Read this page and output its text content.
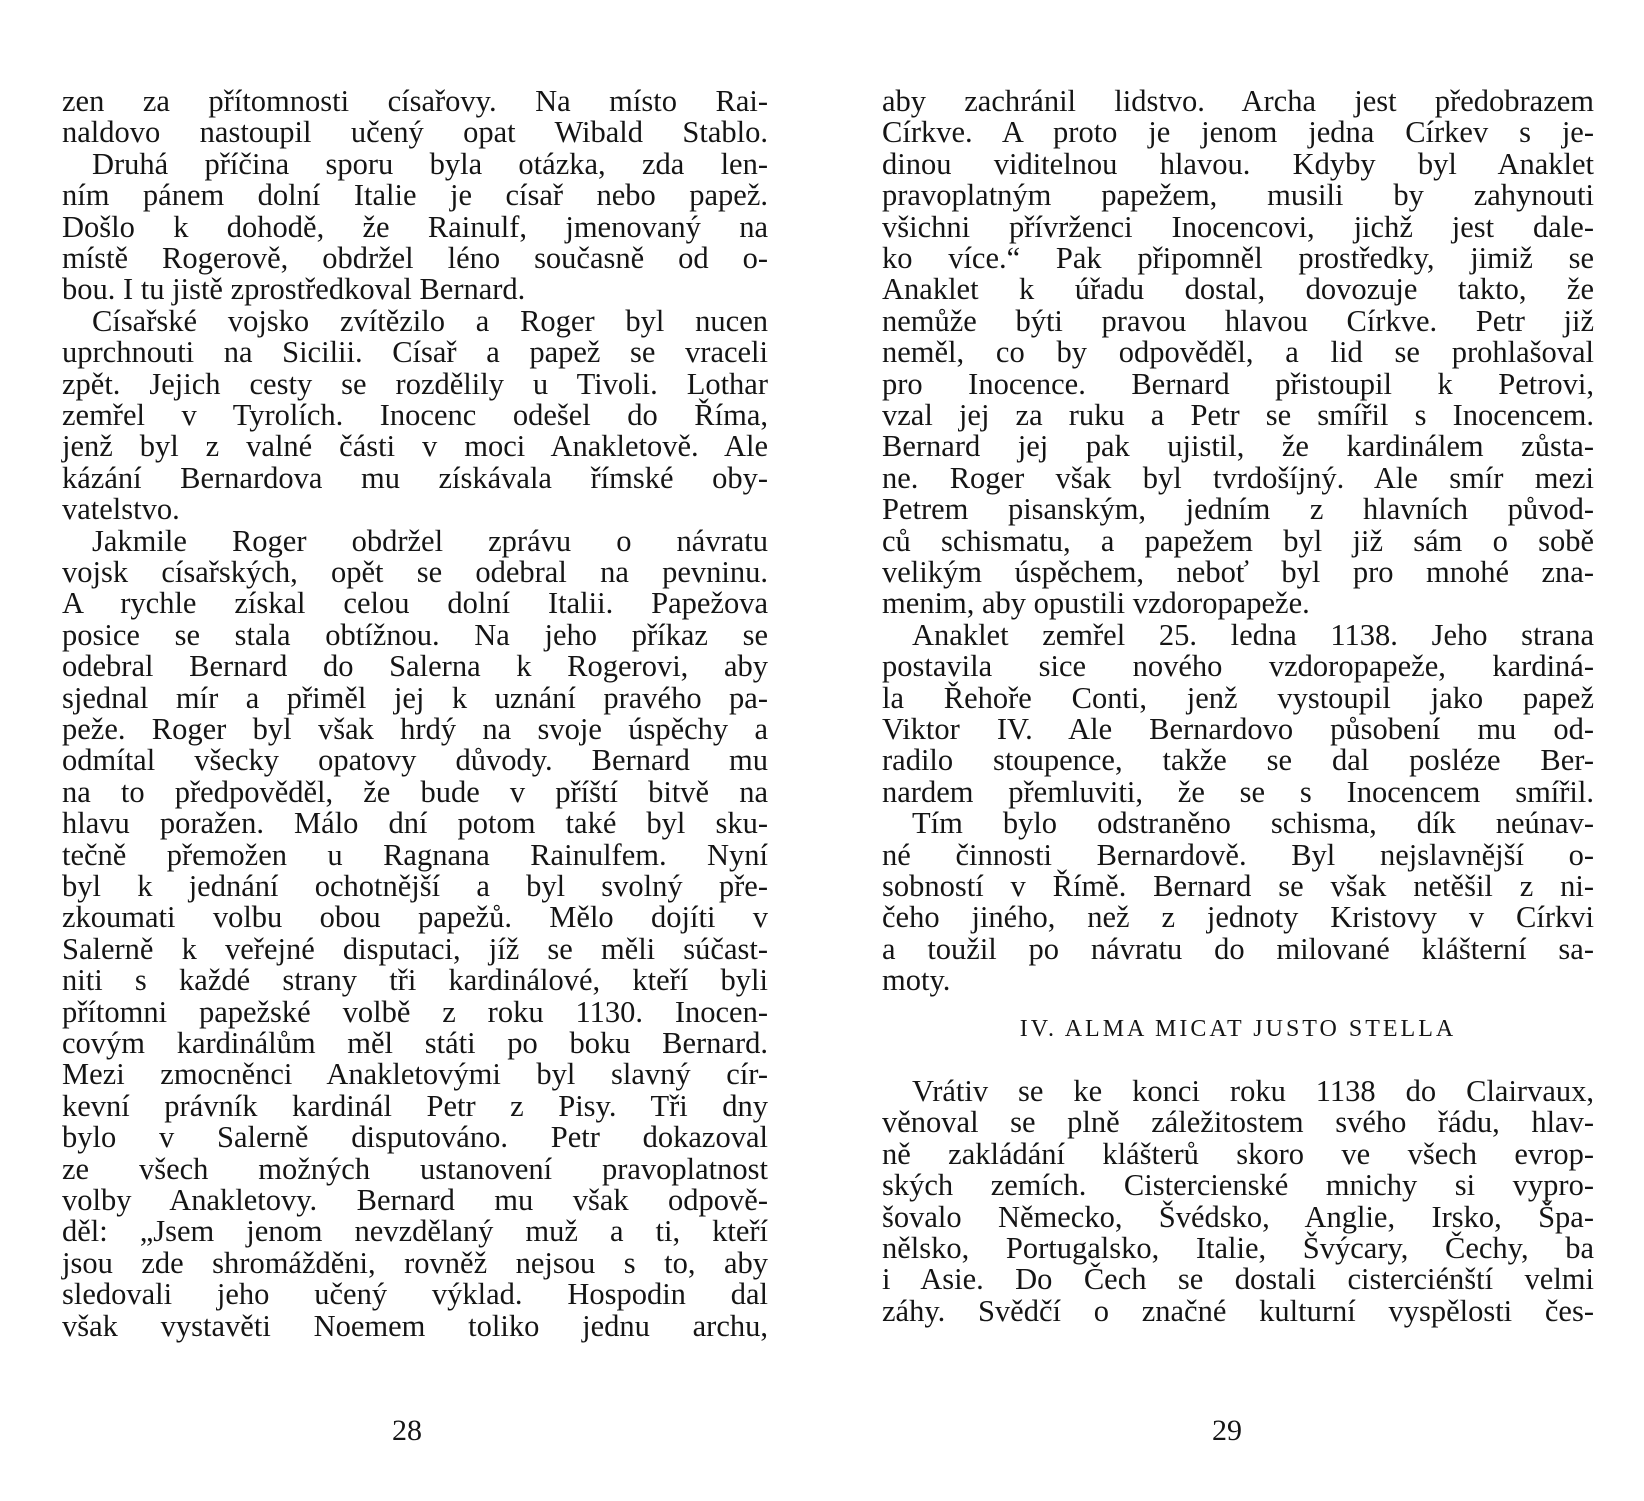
zen za přítomnosti císařovy. Na místo Rai-
naldovo nastoupil učený opat Wibald Stablo.
Druhá příčina sporu byla otázka, zda len-
ním pánem dolní Italie je císař nebo papež.
Došlo k dohodě, že Rainulf, jmenovaný na
místě Rogerově, obdržel léno současně od o-
bou. I tu jistě zprostředkoval Bernard.
Císařské vojsko zvítězilo a Roger byl nucen
uprchnouti na Sicilii. Císař a papež se vraceli
zpět. Jejich cesty se rozdělily u Tivoli. Lothar
zemřel v Tyrolích. Inocenc odešel do Říma,
jenž byl z valné části v moci Anakletově. Ale
kázání Bernardova mu získávala římské oby-
vatelstvo.
Jakmile Roger obdržel zprávu o návratu
vojsk císařských, opět se odebral na pevninu.
A rychle získal celou dolní Italii. Papežova
posice se stala obtížnou. Na jeho příkaz se
odebral Bernard do Salerna k Rogerovi, aby
sjednal mír a přiměl jej k uznání pravého pa-
peže. Roger byl však hrdý na svoje úspěchy a
odmítal všecky opatovy důvody. Bernard mu
na to předpověděl, že bude v příští bitvě na
hlavu poražen. Málo dní potom také byl sku-
tečně přemožen u Ragnana Rainulfem. Nyní
byl k jednání ochotnější a byl svolný pře-
zkoumati volbu obou papežů. Mělo dojíti v
Salerně k veřejné disputaci, jíž se měli súčast-
niti s každé strany tři kardinálové, kteří byli
přítomni papežské volbě z roku 1130. Inocen-
covým kardinálům měl státi po boku Bernard.
Mezi zmocněnci Anakletovými byl slavný cír-
kevní právník kardinál Petr z Pisy. Tři dny
bylo v Salerně disputováno. Petr dokazoval
ze všech možných ustanovení pravoplatnost
volby Anakletovy. Bernard mu však odpově-
děl: „Jsem jenom nevzdělaný muž a ti, kteří
jsou zde shromážděni, rovněž nejsou s to, aby
sledovali jeho učený výklad. Hospodin dal
však vystavěti Noemem toliko jednu archu,
aby zachránil lidstvo. Archa jest předobrazem
Církve. A proto je jenom jedna Církev s je-
dinou viditelnou hlavou. Kdyby byl Anaklet
pravoplatným papežem, musili by zahynouti
všichni přívrženci Inocencovi, jichž jest dale-
ko více.“ Pak připomněl prostředky, jimiž se
Anaklet k úřadu dostal, dovozuje takto, že
nemůže býti pravou hlavou Církve. Petr již
neměl, co by odpověděl, a lid se prohlašoval
pro Inocence. Bernard přistoupil k Petrovi,
vzal jej za ruku a Petr se smířil s Inocencem.
Bernard jej pak ujistil, že kardinálem zůsta-
ne. Roger však byl tvrdošíjný. Ale smír mezi
Petrem pisanským, jedním z hlavních původ-
ců schismatu, a papežem byl již sám o sobě
velikým úspěchem, neboť byl pro mnohé zna-
menim, aby opustili vzdoropapeže.
Anaklet zemřel 25. ledna 1138. Jeho strana
postavila sice nového vzdoropapeže, kardiná-
la Řehoře Conti, jenž vystoupil jako papež
Viktor IV. Ale Bernardovo působení mu od-
radilo stoupence, takže se dal posléze Ber-
nardem přemluviti, že se s Inocencem smířil.
Tím bylo odstraněno schisma, dík neúnav-
né činnosti Bernardově. Byl nejslavnější o-
sobností v Římě. Bernard se však netěšil z ni-
čeho jiného, než z jednoty Kristovy v Církvi
a toužil po návratu do milované klášterní sa-
moty.
IV. ALMA MICAT JUSTO STELLA
Vrátiv se ke konci roku 1138 do Clairvaux,
věnoval se plně záležitostem svého řádu, hlav-
ně zakládání klášterů skoro ve všech evrop-
ských zemích. Cistercienské mnichy si vypro-
šovalo Německo, Švédsko, Anglie, Irsko, Špa-
nělsko, Portugalsko, Italie, Švýcary, Čechy, ba
i Asie. Do Čech se dostali cisterciénští velmi
záhy. Svědčí o značné kulturní vyspělosti čes-
28	29
